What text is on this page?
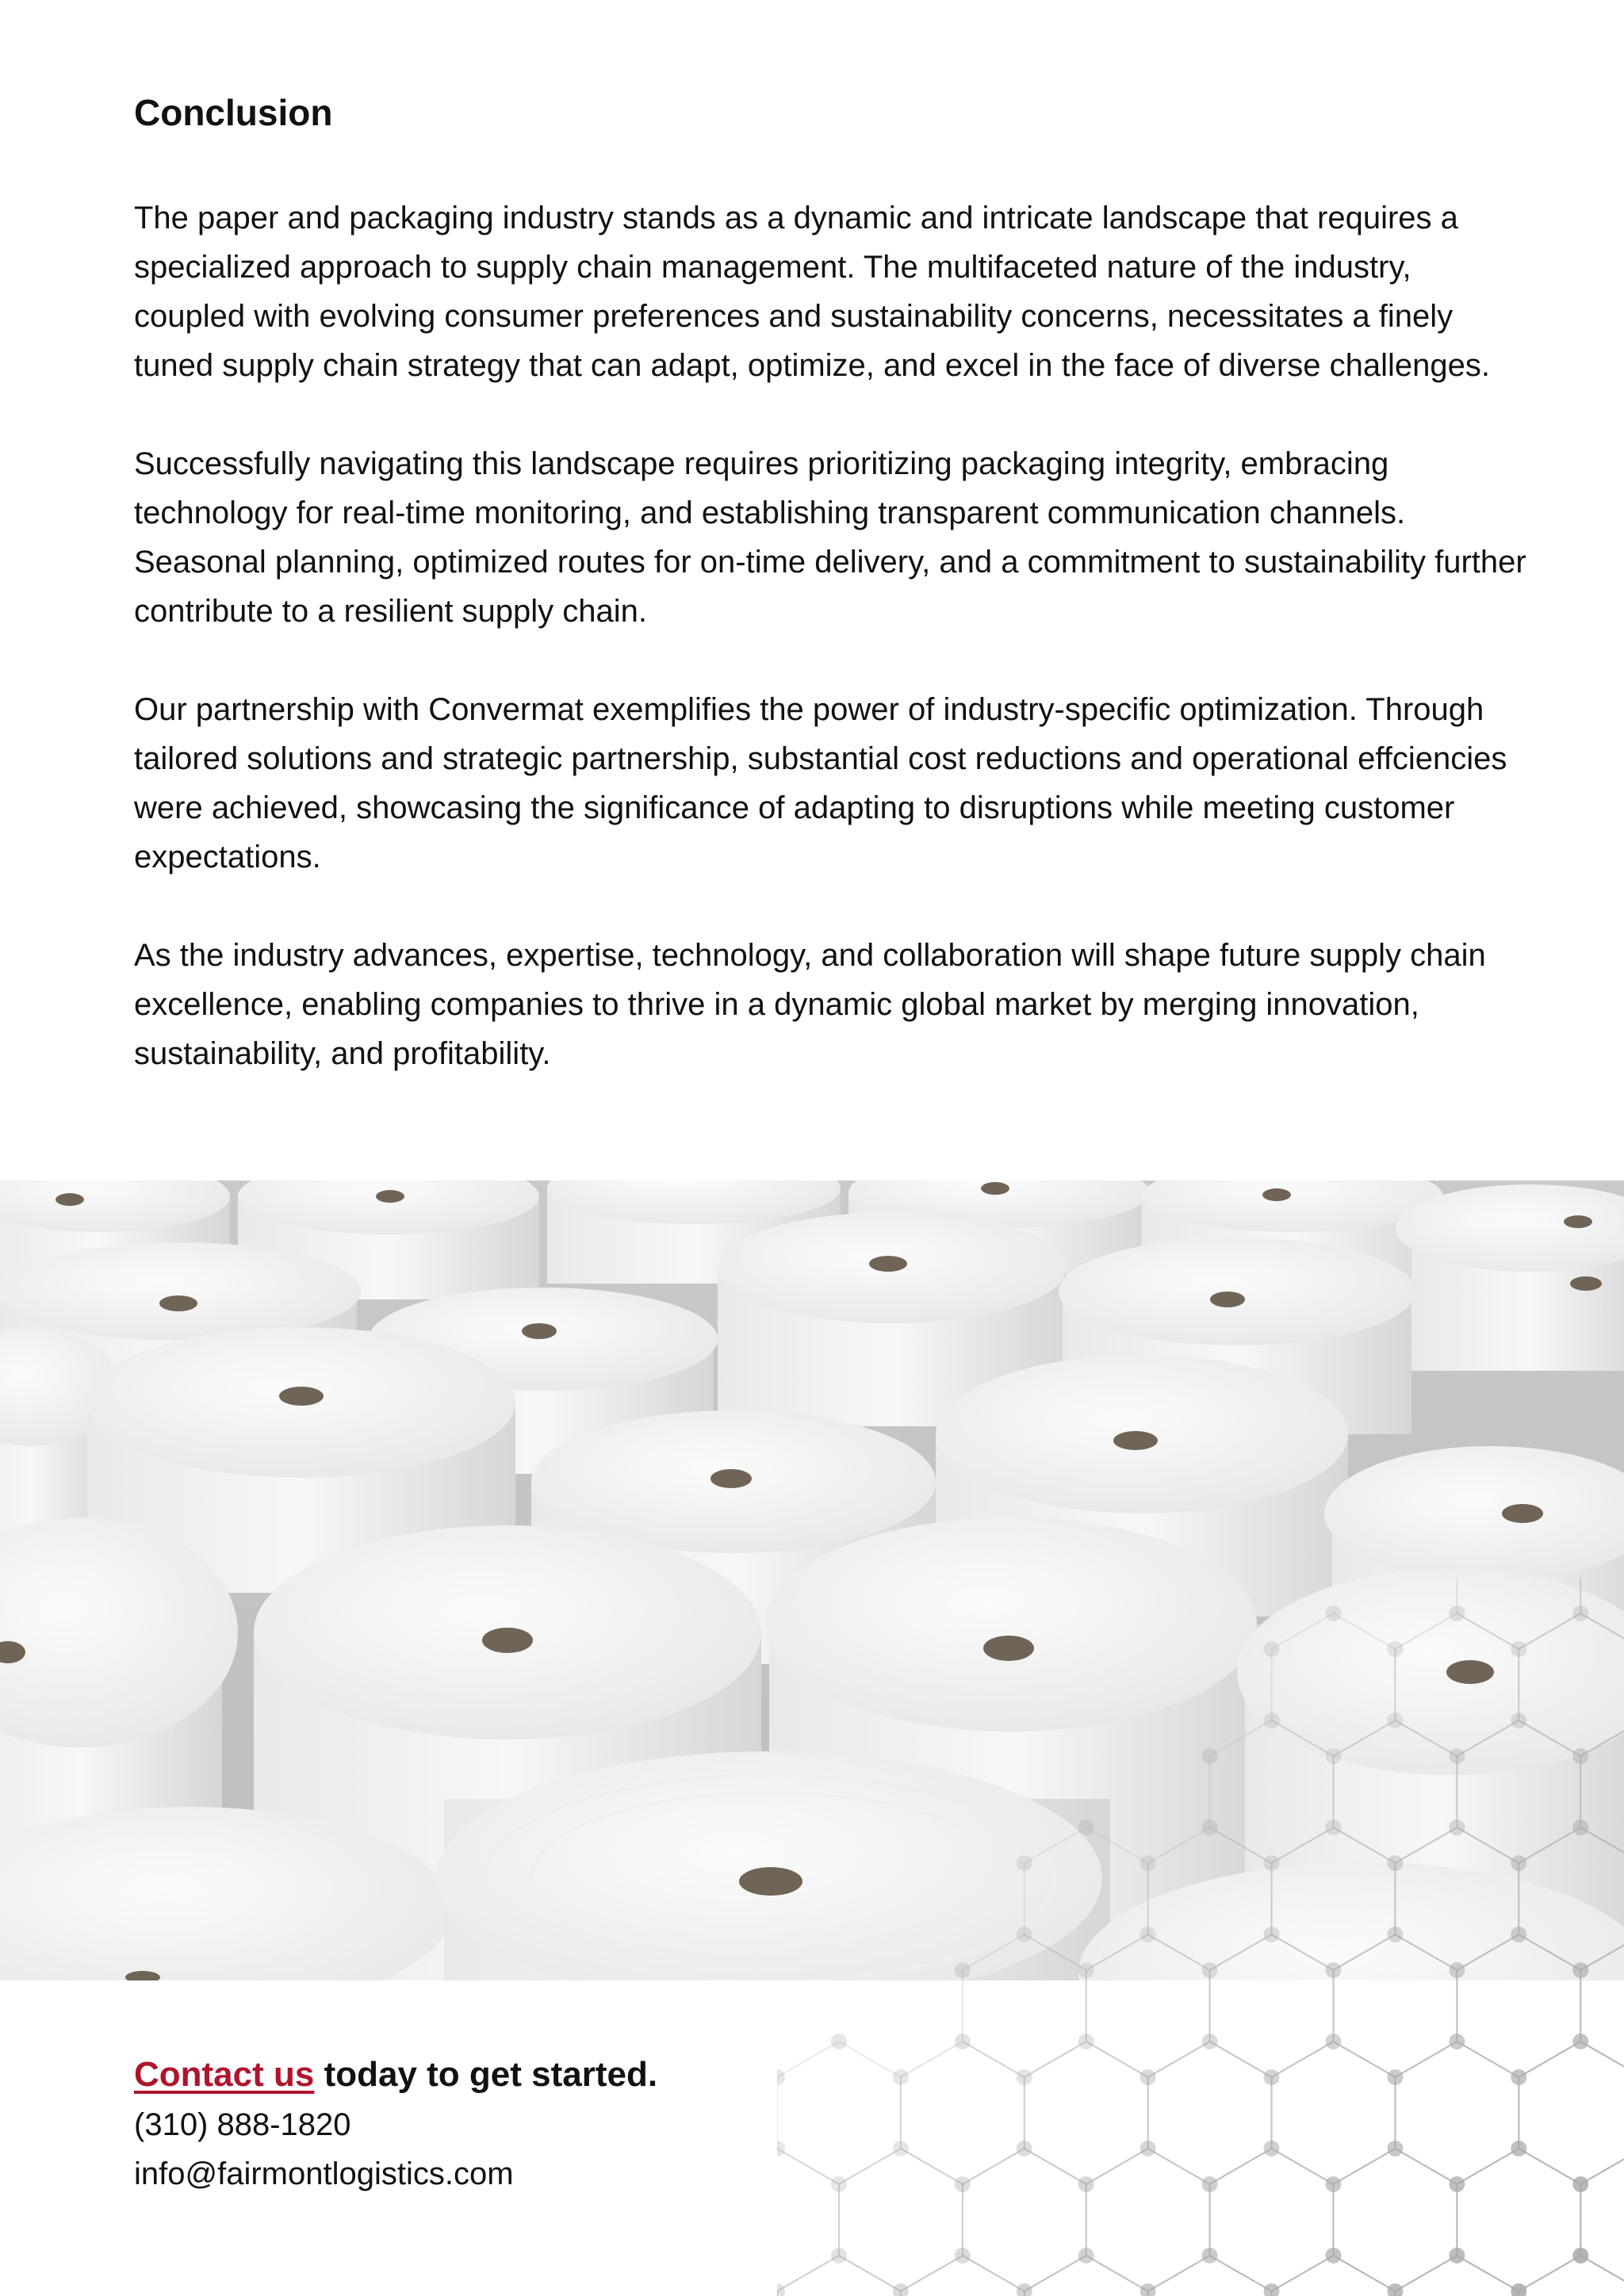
Conclusion

The paper and packaging industry stands as a dynamic and intricate landscape that requires a specialized approach to supply chain management. The multifaceted nature of the industry, coupled with evolving consumer preferences and sustainability concerns, necessitates a finely tuned supply chain strategy that can adapt, optimize, and excel in the face of diverse challenges.

Successfully navigating this landscape requires prioritizing packaging integrity, embracing technology for real-time monitoring, and establishing transparent communication channels. Seasonal planning, optimized routes for on-time delivery, and a commitment to sustainability further contribute to a resilient supply chain.

Our partnership with Convermat exemplifies the power of industry-specific optimization. Through tailored solutions and strategic partnership, substantial cost reductions and operational effciencies were achieved, showcasing the significance of adapting to disruptions while meeting customer expectations.

As the industry advances, expertise, technology, and collaboration will shape future supply chain excellence, enabling companies to thrive in a dynamic global market by merging innovation, sustainability, and profitability.

Contact us today to get started.

(310) 888-1820

info@fairmontlogistics.com
